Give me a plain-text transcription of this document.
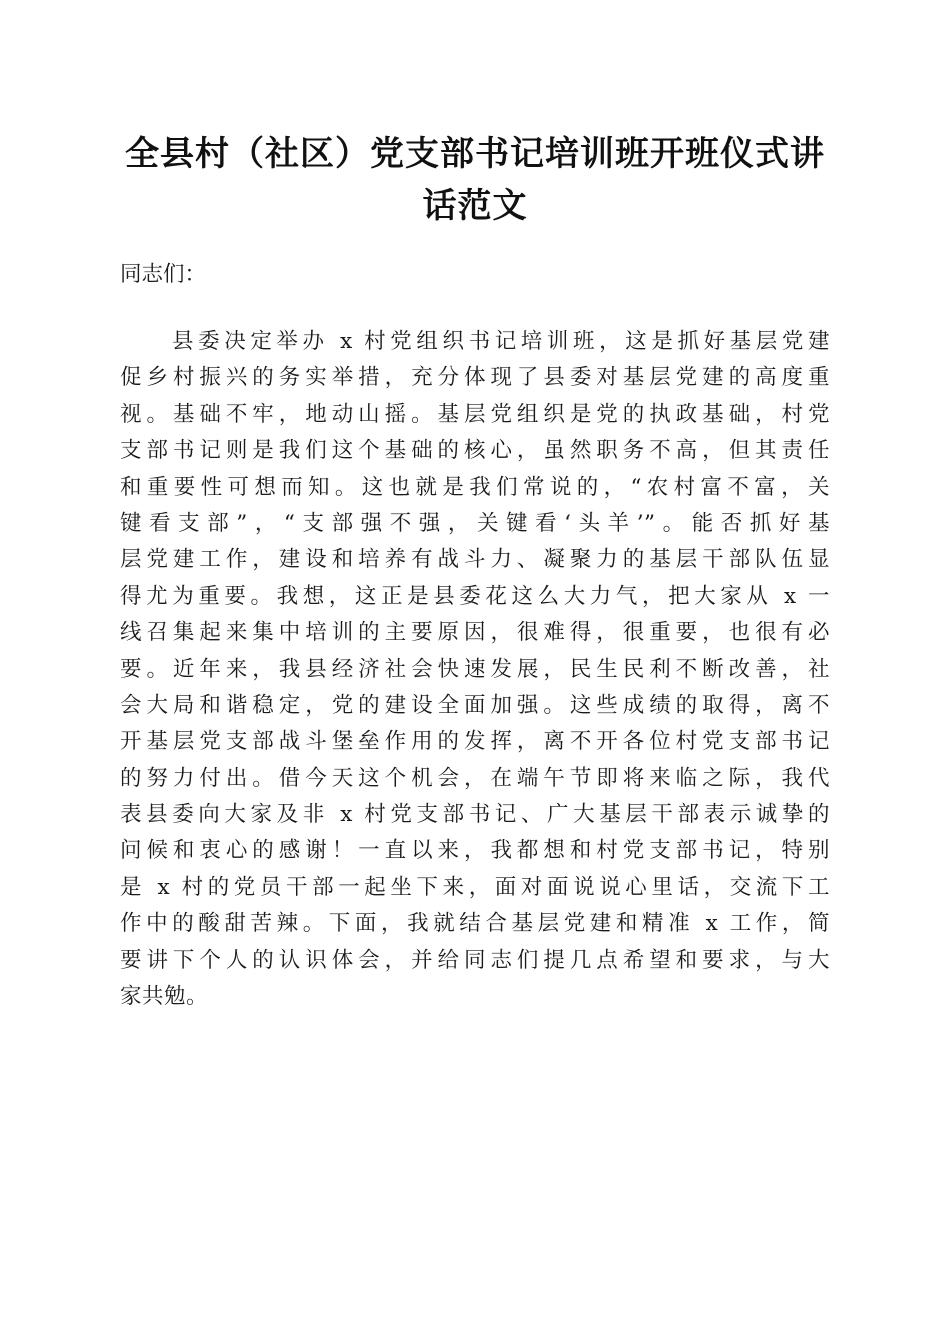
全县村（社区）党支部书记培训班开班仪式讲
话范文

同志们：

县委决定举办 x 村党组织书记培训班，这是抓好基层党建
促乡村振兴的务实举措，充分体现了县委对基层党建的高度重
视。基础不牢，地动山摇。基层党组织是党的执政基础，村党
支部书记则是我们这个基础的核心，虽然职务不高，但其责任
和重要性可想而知。这也就是我们常说的，“农村富不富，关
键看支部”，“支部强不强，关键看‘头羊’”。能否抓好基
层党建工作，建设和培养有战斗力、凝聚力的基层干部队伍显
得尤为重要。我想，这正是县委花这么大力气，把大家从 x 一
线召集起来集中培训的主要原因，很难得，很重要，也很有必
要。近年来，我县经济社会快速发展，民生民利不断改善，社
会大局和谐稳定，党的建设全面加强。这些成绩的取得，离不
开基层党支部战斗堡垒作用的发挥，离不开各位村党支部书记
的努力付出。借今天这个机会，在端午节即将来临之际，我代
表县委向大家及非 x 村党支部书记、广大基层干部表示诚挚的
问候和衷心的感谢！一直以来，我都想和村党支部书记，特别
是 x 村的党员干部一起坐下来，面对面说说心里话，交流下工
作中的酸甜苦辣。下面，我就结合基层党建和精准 x 工作，简
要讲下个人的认识体会，并给同志们提几点希望和要求，与大
家共勉。
